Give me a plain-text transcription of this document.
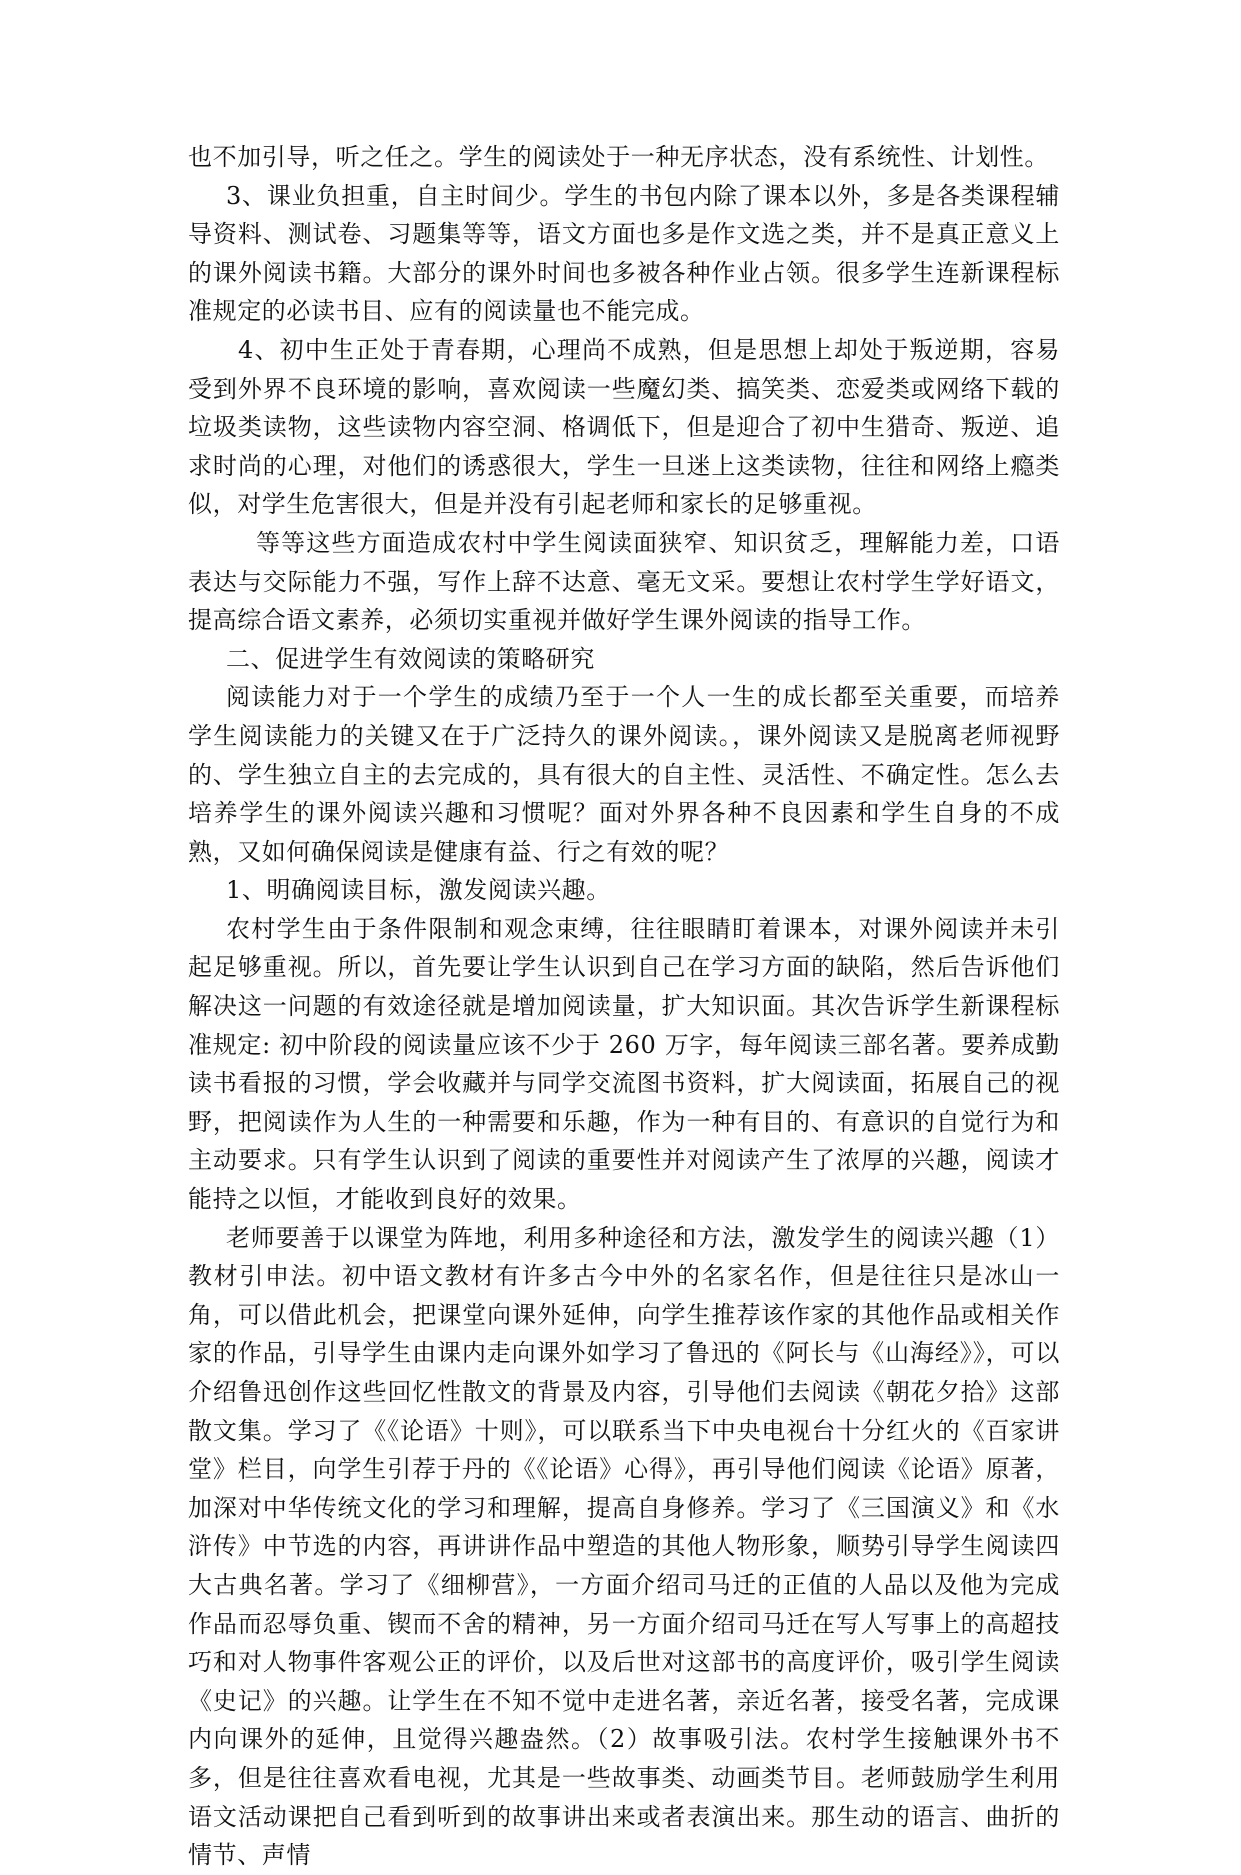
也不加引导，听之任之。学生的阅读处于一种无序状态，没有系统性、计划性。

3、课业负担重，自主时间少。学生的书包内除了课本以外，多是各类课程辅导资料、测试卷、习题集等等，语文方面也多是作文选之类，并不是真正意义上的课外阅读书籍。大部分的课外时间也多被各种作业占领。很多学生连新课程标准规定的必读书目、应有的阅读量也不能完成。

4、初中生正处于青春期，心理尚不成熟，但是思想上却处于叛逆期，容易受到外界不良环境的影响，喜欢阅读一些魔幻类、搞笑类、恋爱类或网络下载的垃圾类读物，这些读物内容空洞、格调低下，但是迎合了初中生猎奇、叛逆、追求时尚的心理，对他们的诱惑很大，学生一旦迷上这类读物，往往和网络上瘾类似，对学生危害很大，但是并没有引起老师和家长的足够重视。

等等这些方面造成农村中学生阅读面狭窄、知识贫乏，理解能力差，口语表达与交际能力不强，写作上辞不达意、毫无文采。要想让农村学生学好语文，提高综合语文素养，必须切实重视并做好学生课外阅读的指导工作。

二、促进学生有效阅读的策略研究

阅读能力对于一个学生的成绩乃至于一个人一生的成长都至关重要，而培养学生阅读能力的关键又在于广泛持久的课外阅读。，课外阅读又是脱离老师视野的、学生独立自主的去完成的，具有很大的自主性、灵活性、不确定性。怎么去培养学生的课外阅读兴趣和习惯呢？面对外界各种不良因素和学生自身的不成熟，又如何确保阅读是健康有益、行之有效的呢？

1、明确阅读目标，激发阅读兴趣。

农村学生由于条件限制和观念束缚，往往眼睛盯着课本，对课外阅读并未引起足够重视。所以，首先要让学生认识到自己在学习方面的缺陷，然后告诉他们解决这一问题的有效途径就是增加阅读量，扩大知识面。其次告诉学生新课程标准规定: 初中阶段的阅读量应该不少于 260 万字，每年阅读三部名著。要养成勤读书看报的习惯，学会收藏并与同学交流图书资料，扩大阅读面，拓展自己的视野，把阅读作为人生的一种需要和乐趣，作为一种有目的、有意识的自觉行为和主动要求。只有学生认识到了阅读的重要性并对阅读产生了浓厚的兴趣，阅读才能持之以恒，才能收到良好的效果。

老师要善于以课堂为阵地，利用多种途径和方法，激发学生的阅读兴趣（1）教材引申法。初中语文教材有许多古今中外的名家名作，但是往往只是冰山一角，可以借此机会，把课堂向课外延伸，向学生推荐该作家的其他作品或相关作家的作品，引导学生由课内走向课外如学习了鲁迅的《阿长与《山海经》》，可以介绍鲁迅创作这些回忆性散文的背景及内容，引导他们去阅读《朝花夕拾》这部散文集。学习了《《论语》十则》，可以联系当下中央电视台十分红火的《百家讲堂》栏目，向学生引荐于丹的《《论语》心得》，再引导他们阅读《论语》原著，加深对中华传统文化的学习和理解，提高自身修养。学习了《三国演义》和《水浒传》中节选的内容，再讲讲作品中塑造的其他人物形象，顺势引导学生阅读四大古典名著。学习了《细柳营》，一方面介绍司马迁的正值的人品以及他为完成作品而忍辱负重、锲而不舍的精神，另一方面介绍司马迁在写人写事上的高超技巧和对人物事件客观公正的评价，以及后世对这部书的高度评价，吸引学生阅读《史记》的兴趣。让学生在不知不觉中走进名著，亲近名著，接受名著，完成课内向课外的延伸，且觉得兴趣盎然。（2）故事吸引法。农村学生接触课外书不多，但是往往喜欢看电视，尤其是一些故事类、动画类节目。老师鼓励学生利用语文活动课把自己看到听到的故事讲出来或者表演出来。那生动的语言、曲折的情节、声情
